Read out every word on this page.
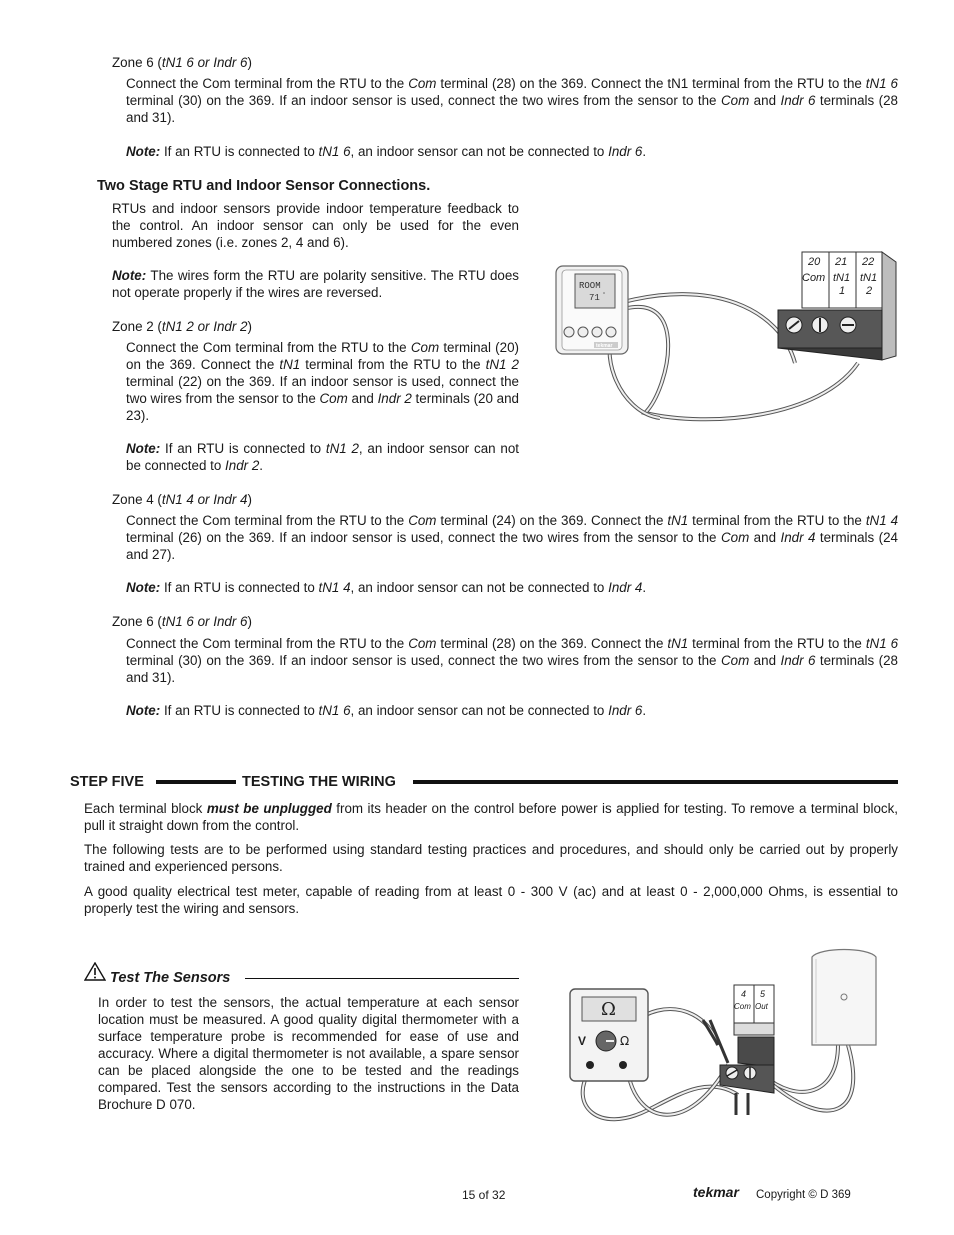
Zone 6 (tN1 6 or Indr 6)

Connect the Com terminal from the RTU to the Com terminal (28) on the 369. Connect the tN1 terminal from the RTU to the tN1 6 terminal (30) on the 369. If an indoor sensor is used, connect the two wires from the sensor to the Com and Indr 6 terminals (28 and 31).

Note: If an RTU is connected to tN1 6, an indoor sensor can not be connected to Indr 6.

Two Stage RTU and Indoor Sensor Connections.

RTUs and indoor sensors provide indoor temperature feedback to the control. An indoor sensor can only be used for the even numbered zones (i.e. zones 2, 4 and 6).

Note: The wires form the RTU are polarity sensitive. The RTU does not operate properly if the wires are reversed.

Zone 2 (tN1 2 or Indr 2)

Connect the Com terminal from the RTU to the Com terminal (20) on the 369. Connect the tN1 terminal from the RTU to the tN1 2 terminal (22) on the 369. If an indoor sensor is used, connect the two wires from the sensor to the Com and Indr 2 terminals (20 and 23).

Note: If an RTU is connected to tN1 2, an indoor sensor can not be connected to Indr 2.

Zone 4 (tN1 4 or Indr 4)

Connect the Com terminal from the RTU to the Com terminal (24) on the 369. Connect the tN1 terminal from the RTU to the tN1 4 terminal (26) on the 369. If an indoor sensor is used, connect the two wires from the sensor to the Com and Indr 4 terminals (24 and 27).

Note: If an RTU is connected to tN1 4, an indoor sensor can not be connected to Indr 4.

Zone 6 (tN1 6 or Indr 6)

Connect the Com terminal from the RTU to the Com terminal (28) on the 369. Connect the tN1 terminal from the RTU to the tN1 6 terminal (30) on the 369. If an indoor sensor is used, connect the two wires from the sensor to the Com and Indr 6 terminals (28 and 31).

Note: If an RTU is connected to tN1 6, an indoor sensor can not be connected to Indr 6.

ROOM
71 °
tekmar
20
Com
21
tN1
1
22
tN1
2

STEP FIVE	TESTING THE WIRING

Each terminal block must be unplugged from its header on the control before power is applied for testing. To remove a terminal block, pull it straight down from the control.

The following tests are to be performed using standard testing practices and procedures, and should only be carried out by properly trained and experienced persons.

A good quality electrical test meter, capable of reading from at least 0 - 300 V (ac) and at least 0 - 2,000,000 Ohms, is essential to properly test the wiring and sensors.

Test The Sensors

In order to test the sensors, the actual temperature at each sensor location must be measured. A good quality digital thermometer with a surface temperature probe is recommended for ease of use and accuracy. Where a digital thermometer is not available, a spare sensor can be placed alongside the one to be tested and the readings compared. Test the sensors according to the instructions in the Data Brochure D 070.

Ω
V	Ω
4
Com
5
Out

15 of 32	tekmar Copyright © D 369
